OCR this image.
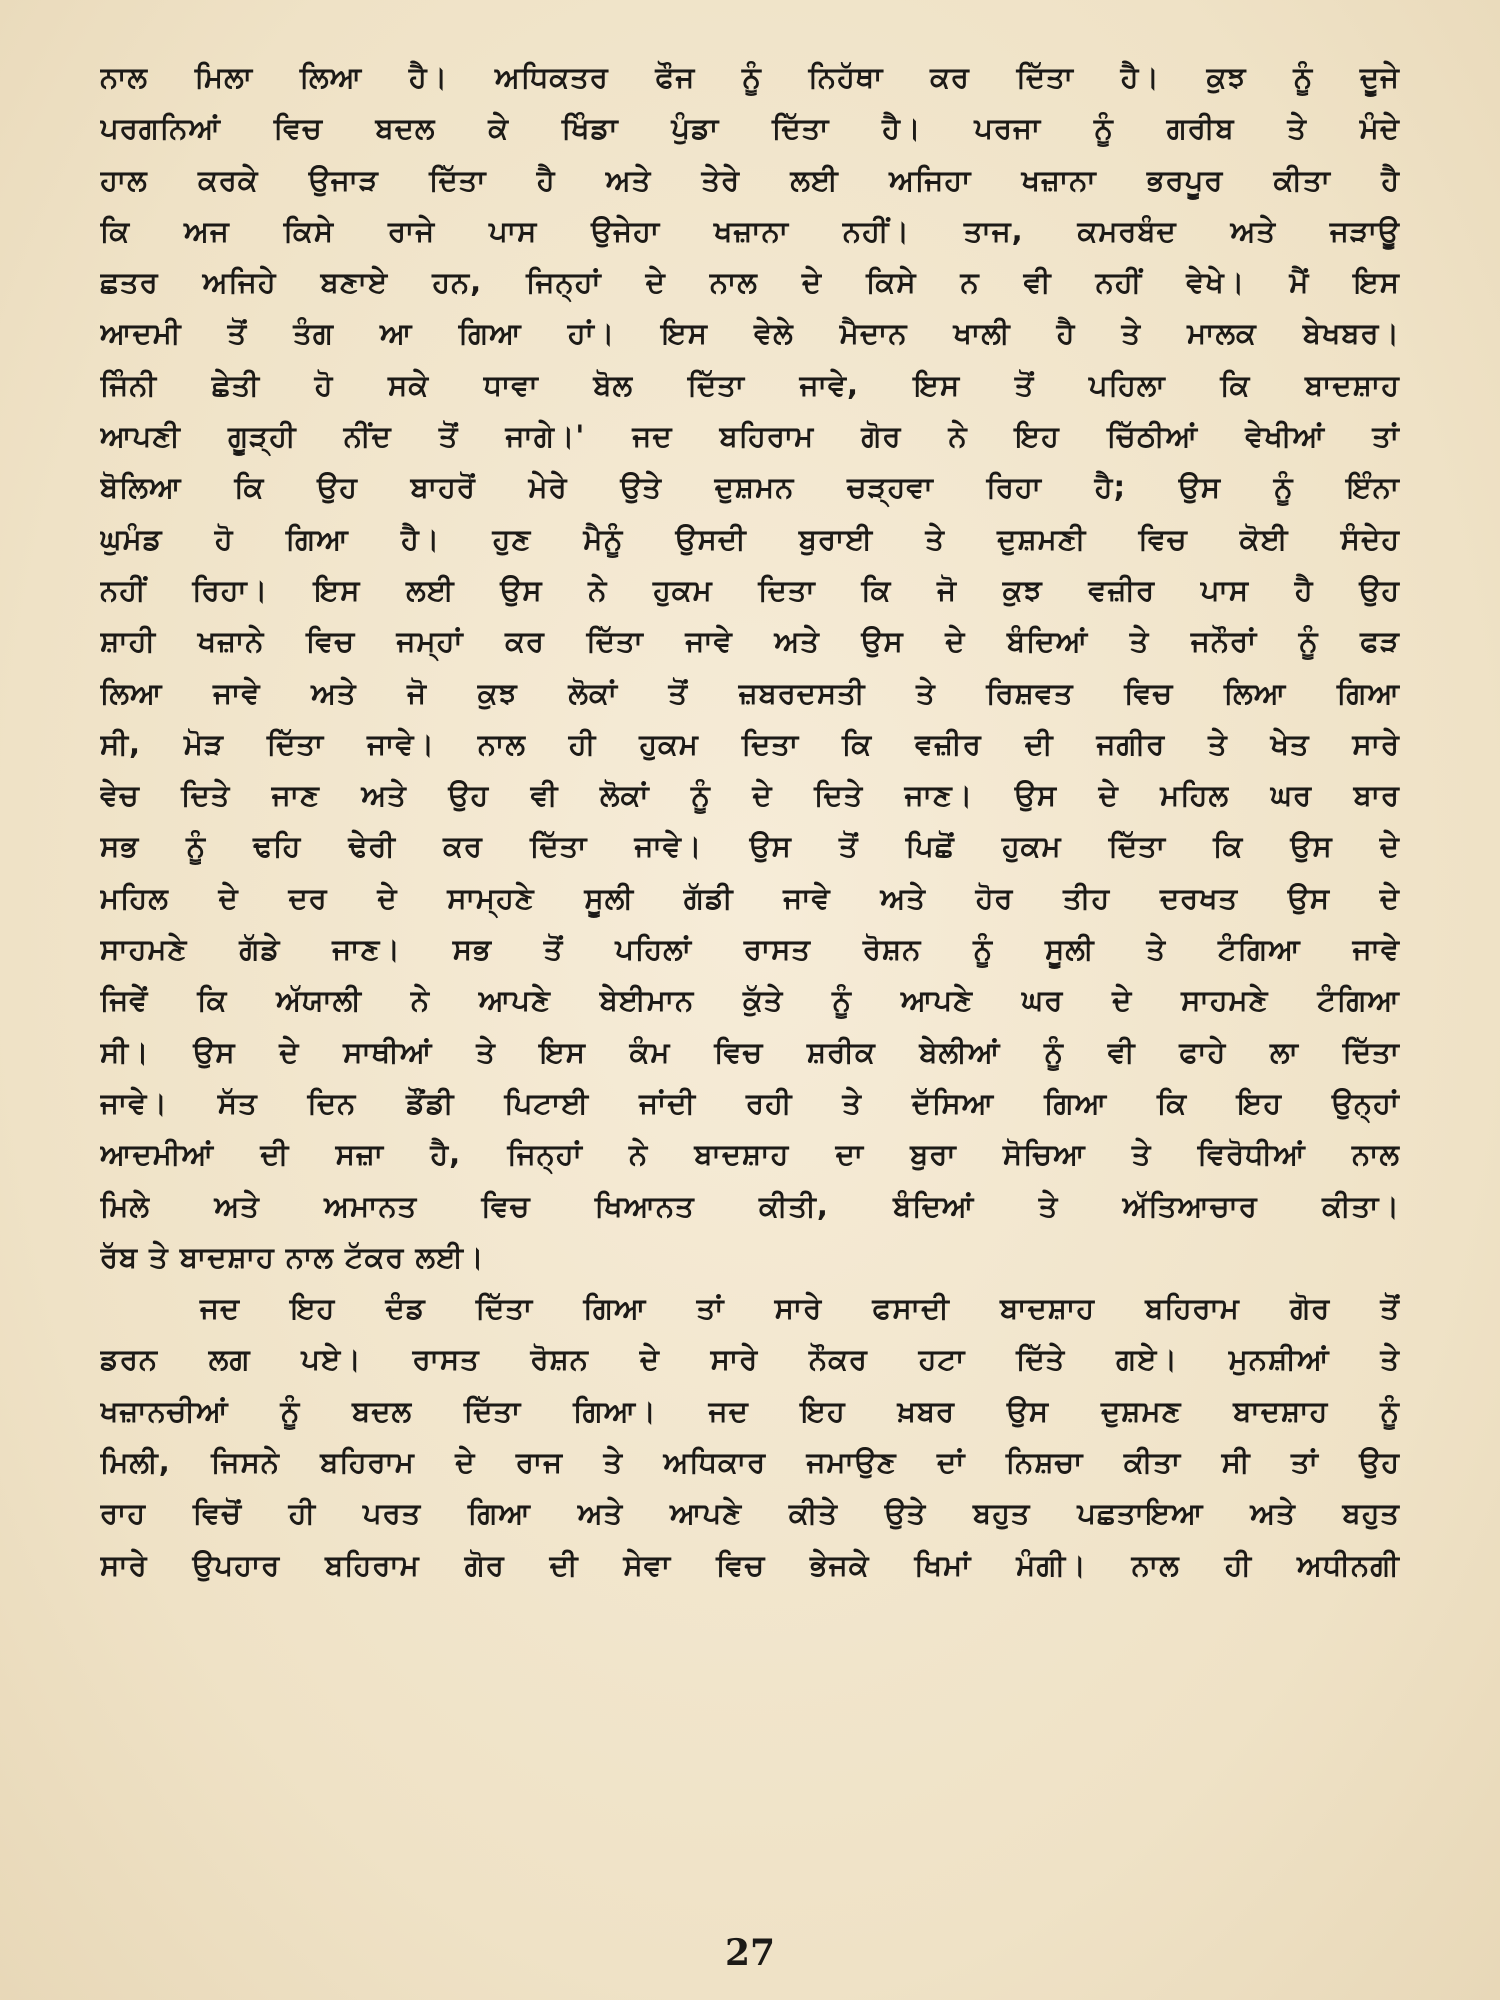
ਨਾਲ ਮਿਲਾ ਲਿਆ ਹੈ। ਅਧਿਕਤਰ ਫੌਜ ਨੂੰ ਨਿਹੱਥਾ ਕਰ ਦਿੱਤਾ ਹੈ। ਕੁਝ ਨੂੰ ਦੂਜੇ
ਪਰਗਨਿਆਂ ਵਿਚ ਬਦਲ ਕੇ ਖਿੰਡਾ ਪੁੰਡਾ ਦਿੱਤਾ ਹੈ। ਪਰਜਾ ਨੂੰ ਗਰੀਬ ਤੇ ਮੰਦੇ
ਹਾਲ ਕਰਕੇ ਉਜਾੜ ਦਿੱਤਾ ਹੈ ਅਤੇ ਤੇਰੇ ਲਈ ਅਜਿਹਾ ਖਜ਼ਾਨਾ ਭਰਪੂਰ ਕੀਤਾ ਹੈ
ਕਿ ਅਜ ਕਿਸੇ ਰਾਜੇ ਪਾਸ ਉਜੇਹਾ ਖਜ਼ਾਨਾ ਨਹੀਂ। ਤਾਜ, ਕਮਰਬੰਦ ਅਤੇ ਜੜਾਊ
ਛਤਰ ਅਜਿਹੇ ਬਣਾਏ ਹਨ, ਜਿਨ੍ਹਾਂ ਦੇ ਨਾਲ ਦੇ ਕਿਸੇ ਨ ਵੀ ਨਹੀਂ ਵੇਖੇ। ਮੈਂ ਇਸ
ਆਦਮੀ ਤੋਂ ਤੰਗ ਆ ਗਿਆ ਹਾਂ। ਇਸ ਵੇਲੇ ਮੈਦਾਨ ਖਾਲੀ ਹੈ ਤੇ ਮਾਲਕ ਬੇਖਬਰ।
ਜਿੰਨੀ ਛੇਤੀ ਹੋ ਸਕੇ ਧਾਵਾ ਬੋਲ ਦਿੱਤਾ ਜਾਵੇ, ਇਸ ਤੋਂ ਪਹਿਲਾ ਕਿ ਬਾਦਸ਼ਾਹ
ਆਪਣੀ ਗੂੜ੍ਹੀ ਨੀਂਦ ਤੋਂ ਜਾਗੇ।' ਜਦ ਬਹਿਰਾਮ ਗੋਰ ਨੇ ਇਹ ਚਿੱਠੀਆਂ ਵੇਖੀਆਂ ਤਾਂ
ਬੋਲਿਆ ਕਿ ਉਹ ਬਾਹਰੋਂ ਮੇਰੇ ਉਤੇ ਦੁਸ਼ਮਨ ਚੜ੍ਹਵਾ ਰਿਹਾ ਹੈ; ਉਸ ਨੂੰ ਇੰਨਾ
ਘੁਮੰਡ ਹੋ ਗਿਆ ਹੈ। ਹੁਣ ਮੈਨੂੰ ਉਸਦੀ ਬੁਰਾਈ ਤੇ ਦੁਸ਼ਮਣੀ ਵਿਚ ਕੋਈ ਸੰਦੇਹ
ਨਹੀਂ ਰਿਹਾ। ਇਸ ਲਈ ਉਸ ਨੇ ਹੁਕਮ ਦਿਤਾ ਕਿ ਜੋ ਕੁਝ ਵਜ਼ੀਰ ਪਾਸ ਹੈ ਉਹ
ਸ਼ਾਹੀ ਖਜ਼ਾਨੇ ਵਿਚ ਜਮ੍ਹਾਂ ਕਰ ਦਿੱਤਾ ਜਾਵੇ ਅਤੇ ਉਸ ਦੇ ਬੰਦਿਆਂ ਤੇ ਜਨੌਰਾਂ ਨੂੰ ਫੜ
ਲਿਆ ਜਾਵੇ ਅਤੇ ਜੋ ਕੁਝ ਲੋਕਾਂ ਤੋਂ ਜ਼ਬਰਦਸਤੀ ਤੇ ਰਿਸ਼ਵਤ ਵਿਚ ਲਿਆ ਗਿਆ
ਸੀ, ਮੋੜ ਦਿੱਤਾ ਜਾਵੇ। ਨਾਲ ਹੀ ਹੁਕਮ ਦਿਤਾ ਕਿ ਵਜ਼ੀਰ ਦੀ ਜਗੀਰ ਤੇ ਖੇਤ ਸਾਰੇ
ਵੇਚ ਦਿਤੇ ਜਾਣ ਅਤੇ ਉਹ ਵੀ ਲੋਕਾਂ ਨੂੰ ਦੇ ਦਿਤੇ ਜਾਣ। ਉਸ ਦੇ ਮਹਿਲ ਘਰ ਬਾਰ
ਸਭ ਨੂੰ ਢਹਿ ਢੇਰੀ ਕਰ ਦਿੱਤਾ ਜਾਵੇ। ਉਸ ਤੋਂ ਪਿਛੋਂ ਹੁਕਮ ਦਿੱਤਾ ਕਿ ਉਸ ਦੇ
ਮਹਿਲ ਦੇ ਦਰ ਦੇ ਸਾਮ੍ਹਣੇ ਸੂਲੀ ਗੱਡੀ ਜਾਵੇ ਅਤੇ ਹੋਰ ਤੀਹ ਦਰਖਤ ਉਸ ਦੇ
ਸਾਹਮਣੇ ਗੱਡੇ ਜਾਣ। ਸਭ ਤੋਂ ਪਹਿਲਾਂ ਰਾਸਤ ਰੋਸ਼ਨ ਨੂੰ ਸੂਲੀ ਤੇ ਟੰਗਿਆ ਜਾਵੇ
ਜਿਵੇਂ ਕਿ ਅੱਯਾਲੀ ਨੇ ਆਪਣੇ ਬੇਈਮਾਨ ਕੁੱਤੇ ਨੂੰ ਆਪਣੇ ਘਰ ਦੇ ਸਾਹਮਣੇ ਟੰਗਿਆ
ਸੀ। ਉਸ ਦੇ ਸਾਥੀਆਂ ਤੇ ਇਸ ਕੰਮ ਵਿਚ ਸ਼ਰੀਕ ਬੇਲੀਆਂ ਨੂੰ ਵੀ ਫਾਹੇ ਲਾ ਦਿੱਤਾ
ਜਾਵੇ। ਸੱਤ ਦਿਨ ਡੌਂਡੀ ਪਿਟਾਈ ਜਾਂਦੀ ਰਹੀ ਤੇ ਦੱਸਿਆ ਗਿਆ ਕਿ ਇਹ ਉਨ੍ਹਾਂ
ਆਦਮੀਆਂ ਦੀ ਸਜ਼ਾ ਹੈ, ਜਿਨ੍ਹਾਂ ਨੇ ਬਾਦਸ਼ਾਹ ਦਾ ਬੁਰਾ ਸੋਚਿਆ ਤੇ ਵਿਰੋਧੀਆਂ ਨਾਲ
ਮਿਲੇ ਅਤੇ ਅਮਾਨਤ ਵਿਚ ਖਿਆਨਤ ਕੀਤੀ, ਬੰਦਿਆਂ ਤੇ ਅੱਤਿਆਚਾਰ ਕੀਤਾ।
ਰੱਬ ਤੇ ਬਾਦਸ਼ਾਹ ਨਾਲ ਟੱਕਰ ਲਈ।
ਜਦ ਇਹ ਦੰਡ ਦਿੱਤਾ ਗਿਆ ਤਾਂ ਸਾਰੇ ਫਸਾਦੀ ਬਾਦਸ਼ਾਹ ਬਹਿਰਾਮ ਗੋਰ ਤੋਂ
ਡਰਨ ਲਗ ਪਏ। ਰਾਸਤ ਰੋਸ਼ਨ ਦੇ ਸਾਰੇ ਨੌਕਰ ਹਟਾ ਦਿੱਤੇ ਗਏ। ਮੁਨਸ਼ੀਆਂ ਤੇ
ਖਜ਼ਾਨਚੀਆਂ ਨੂੰ ਬਦਲ ਦਿੱਤਾ ਗਿਆ। ਜਦ ਇਹ ਖ਼ਬਰ ਉਸ ਦੁਸ਼ਮਣ ਬਾਦਸ਼ਾਹ ਨੂੰ
ਮਿਲੀ, ਜਿਸਨੇ ਬਹਿਰਾਮ ਦੇ ਰਾਜ ਤੇ ਅਧਿਕਾਰ ਜਮਾਉਣ ਦਾਂ ਨਿਸ਼ਚਾ ਕੀਤਾ ਸੀ ਤਾਂ ਉਹ
ਰਾਹ ਵਿਚੋਂ ਹੀ ਪਰਤ ਗਿਆ ਅਤੇ ਆਪਣੇ ਕੀਤੇ ਉਤੇ ਬਹੁਤ ਪਛਤਾਇਆ ਅਤੇ ਬਹੁਤ
ਸਾਰੇ ਉਪਹਾਰ ਬਹਿਰਾਮ ਗੋਰ ਦੀ ਸੇਵਾ ਵਿਚ ਭੇਜਕੇ ਖਿਮਾਂ ਮੰਗੀ। ਨਾਲ ਹੀ ਅਧੀਨਗੀ
27
